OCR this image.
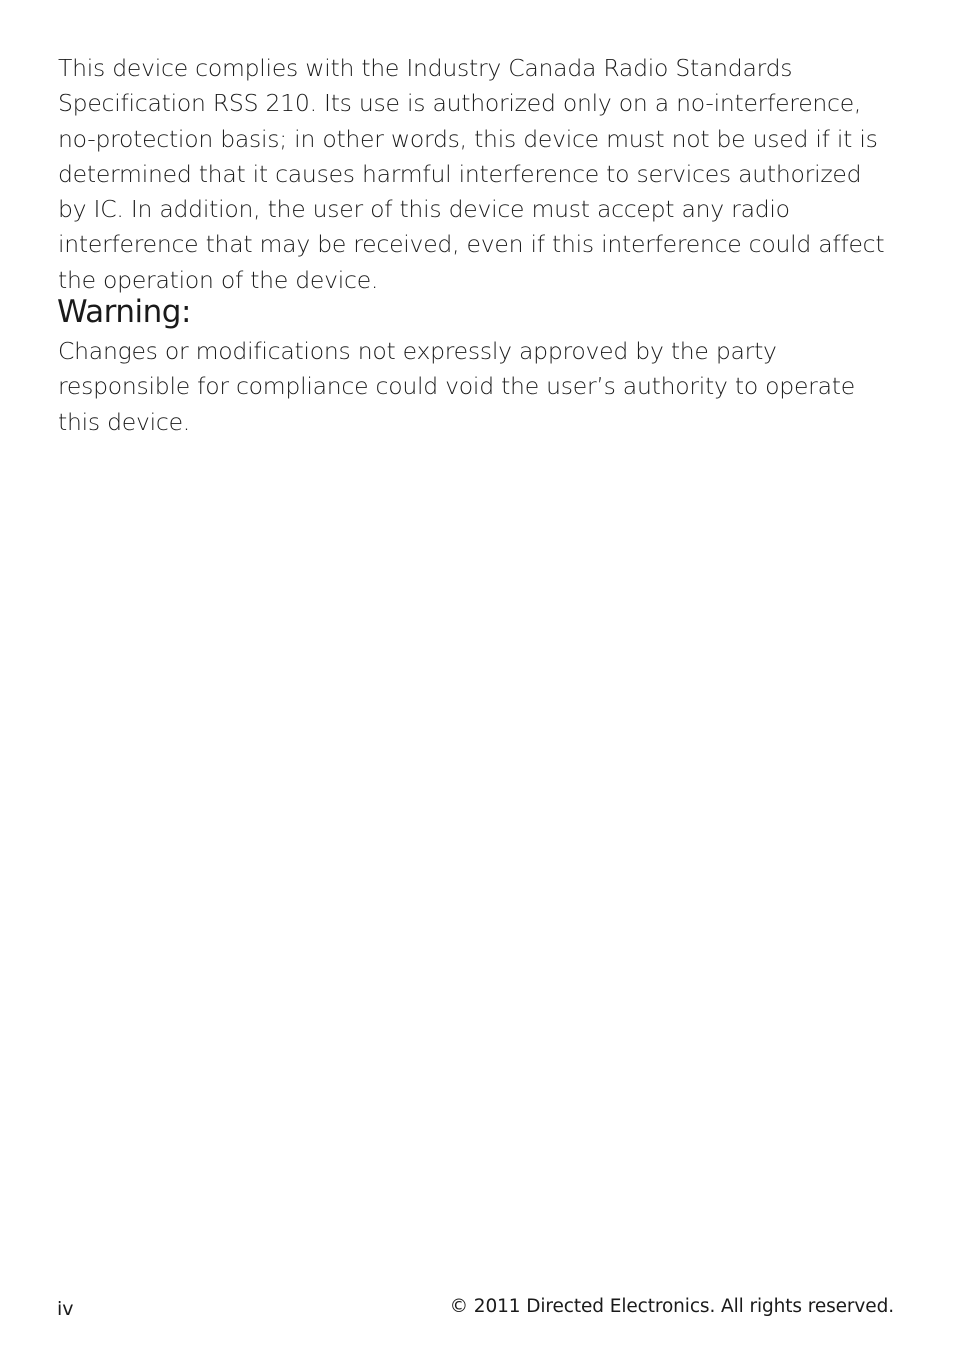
This device complies with the Industry Canada Radio Standards Specification RSS 210. Its use is authorized only on a no-interference, no-protection basis; in other words, this device must not be used if it is determined that it causes harmful interference to services authorized by IC. In addition, the user of this device must accept any radio interference that may be received, even if this interference could affect the operation of the device.

Warning:

Changes or modifications not expressly approved by the party responsible for compliance could void the user’s authority to operate this device.

iv	© 2011 Directed Electronics. All rights reserved.
